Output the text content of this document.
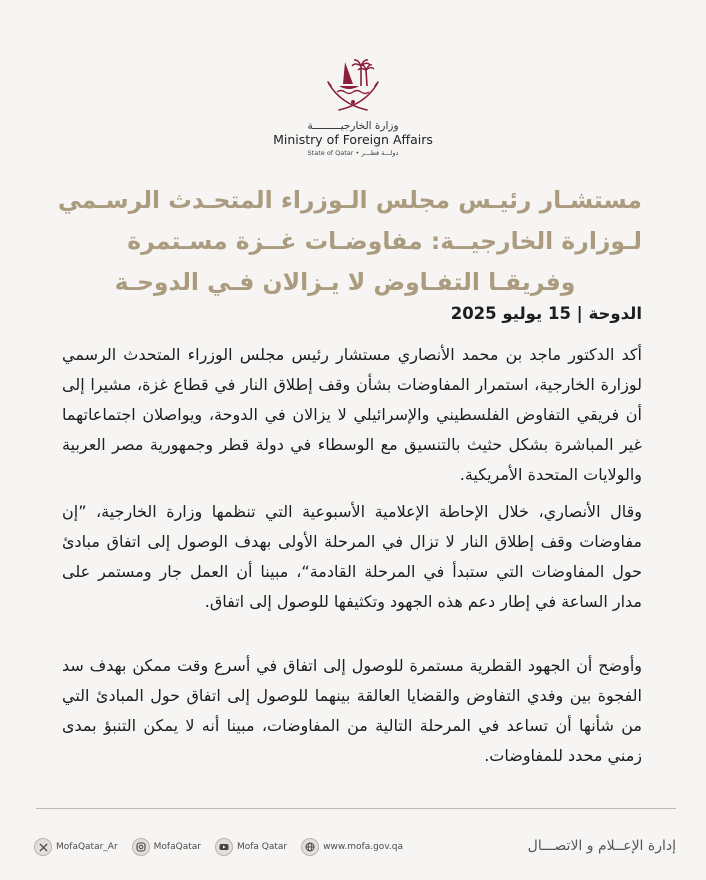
وزارة الخارجيـــــــــة
Ministry of Foreign Affairs
State of Qatar • دولـــة قطـــر
مستشـار رئيـس مجلس الـوزراء المتحـدث الرسـمي لـوزارة الخارجيــة: مفاوضـات غــزة مسـتمرة وفريقـا التفـاوض لا يـزالان فـي الدوحـة
الدوحة | 15 يوليو 2025
أكد الدكتور ماجد بن محمد الأنصاري مستشار رئيس مجلس الوزراء المتحدث الرسمي لوزارة الخارجية، استمرار المفاوضات بشأن وقف إطلاق النار في قطاع غزة، مشيرا إلى أن فريقي التفاوض الفلسطيني والإسرائيلي لا يزالان في الدوحة، ويواصلان اجتماعاتهما غير المباشرة بشكل حثيث بالتنسيق مع الوسطاء في دولة قطر وجمهورية مصر العربية والولايات المتحدة الأمريكية.
وقال الأنصاري، خلال الإحاطة الإعلامية الأسبوعية التي تنظمها وزارة الخارجية، ”إن مفاوضات وقف إطلاق النار لا تزال في المرحلة الأولى بهدف الوصول إلى اتفاق مبادئ حول المفاوضات التي ستبدأ في المرحلة القادمة“، مبينا أن العمل جار ومستمر على مدار الساعة في إطار دعم هذه الجهود وتكثيفها للوصول إلى اتفاق.
وأوضح أن الجهود القطرية مستمرة للوصول إلى اتفاق في أسرع وقت ممكن بهدف سد الفجوة بين وفدي التفاوض والقضايا العالقة بينهما للوصول إلى اتفاق حول المبادئ التي من شأنها أن تساعد في المرحلة التالية من المفاوضات، مبينا أنه لا يمكن التنبؤ بمدى زمني محدد للمفاوضات.
MofaQatar_Ar	MofaQatar	Mofa Qatar	www.mofa.gov.qa	إدارة الإعــلام و الاتصـــال
